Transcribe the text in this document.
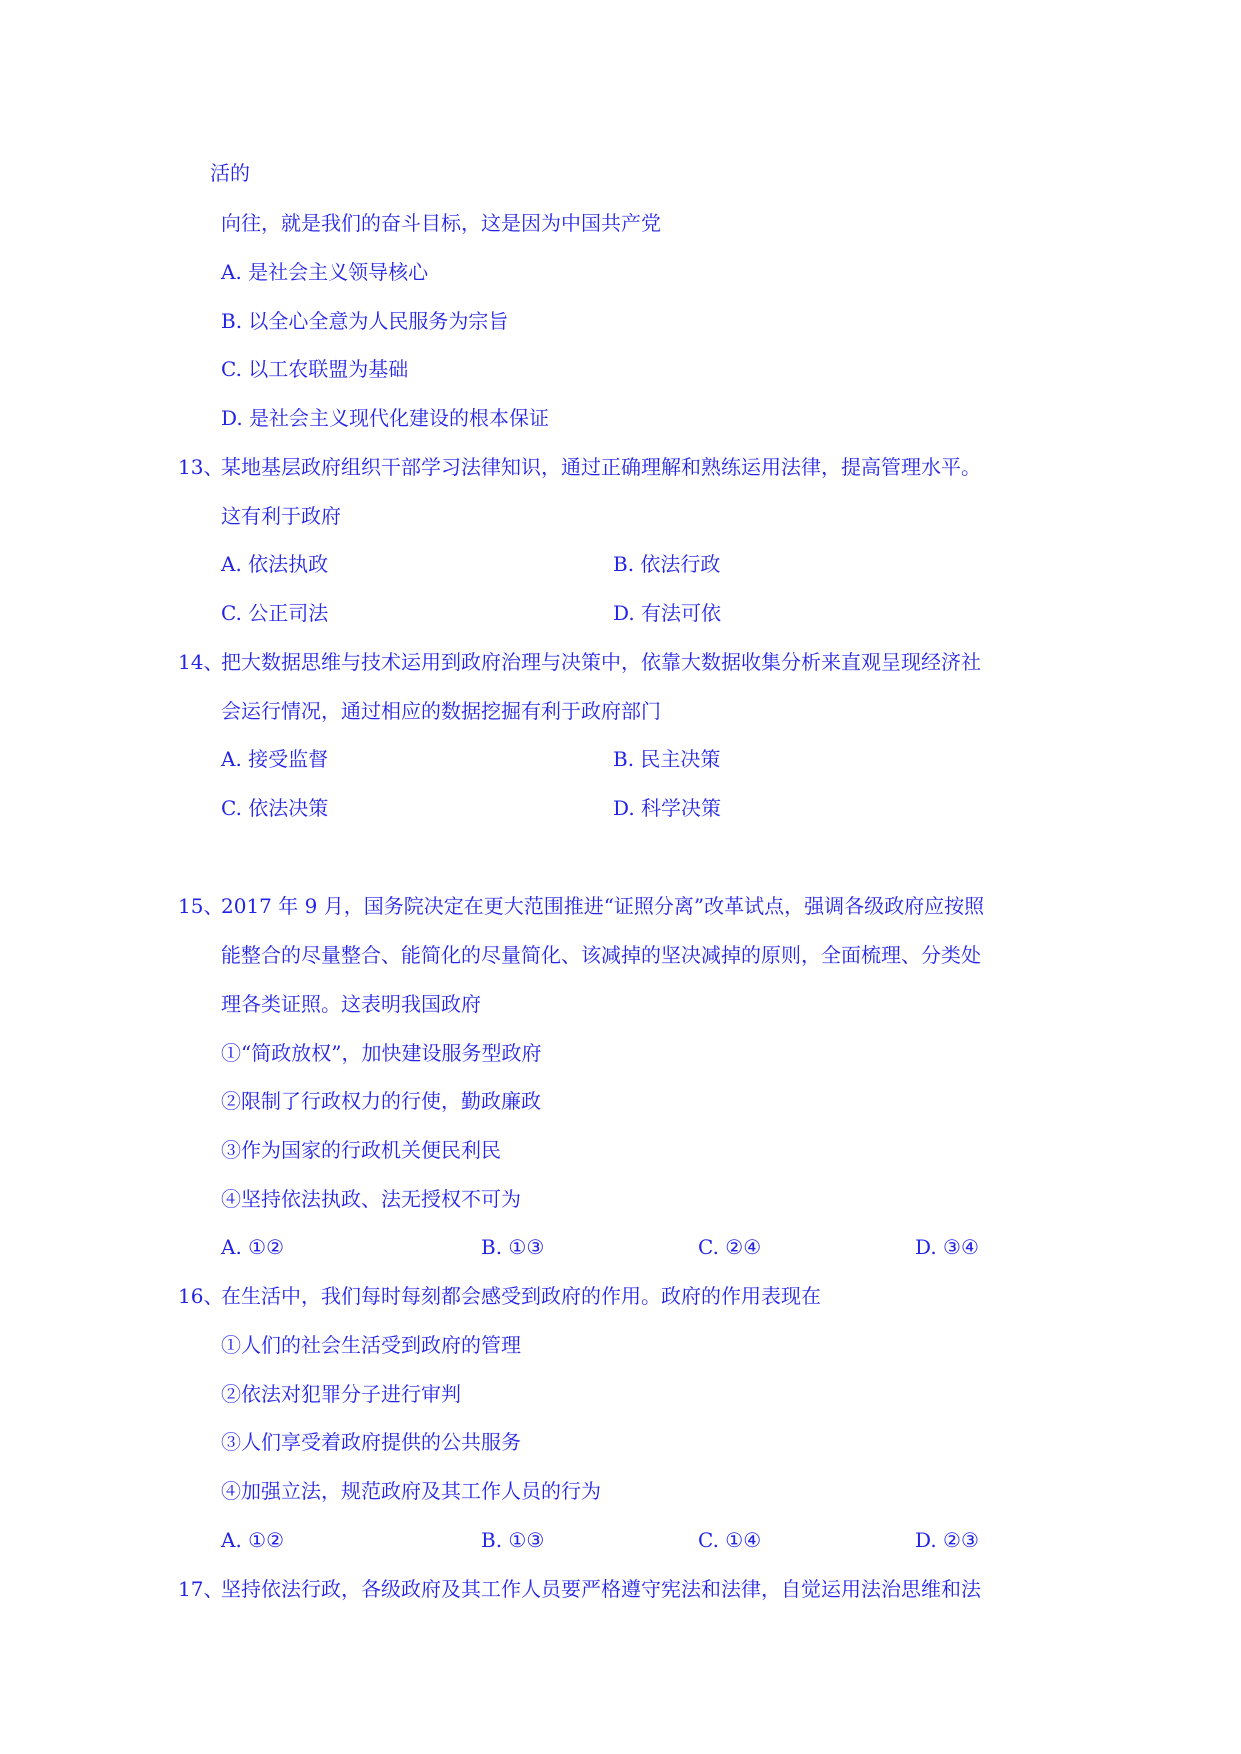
活的
向往，就是我们的奋斗目标，这是因为中国共产党
A. 是社会主义领导核心
B. 以全心全意为人民服务为宗旨
C. 以工农联盟为基础
D. 是社会主义现代化建设的根本保证
13、
某地基层政府组织干部学习法律知识，通过正确理解和熟练运用法律，提高管理水平。
这有利于政府
A. 依法执政	B. 依法行政
C. 公正司法	D. 有法可依
14、
把大数据思维与技术运用到政府治理与决策中，依靠大数据收集分析来直观呈现经济社
会运行情况，通过相应的数据挖掘有利于政府部门
A. 接受监督	B. 民主决策
C. 依法决策	D. 科学决策
15、
2017 年 9 月，国务院决定在更大范围推进“证照分离”改革试点，强调各级政府应按照
能整合的尽量整合、能简化的尽量简化、该减掉的坚决减掉的原则，全面梳理、分类处
理各类证照。这表明我国政府
①“简政放权”，加快建设服务型政府
②限制了行政权力的行使，勤政廉政
③作为国家的行政机关便民利民
④坚持依法执政、法无授权不可为
A. ①②	B. ①③	C. ②④	D. ③④
16、
在生活中，我们每时每刻都会感受到政府的作用。政府的作用表现在
①人们的社会生活受到政府的管理
②依法对犯罪分子进行审判
③人们享受着政府提供的公共服务
④加强立法，规范政府及其工作人员的行为
A. ①②	B. ①③	C. ①④	D. ②③
17、
坚持依法行政，各级政府及其工作人员要严格遵守宪法和法律，自觉运用法治思维和法
